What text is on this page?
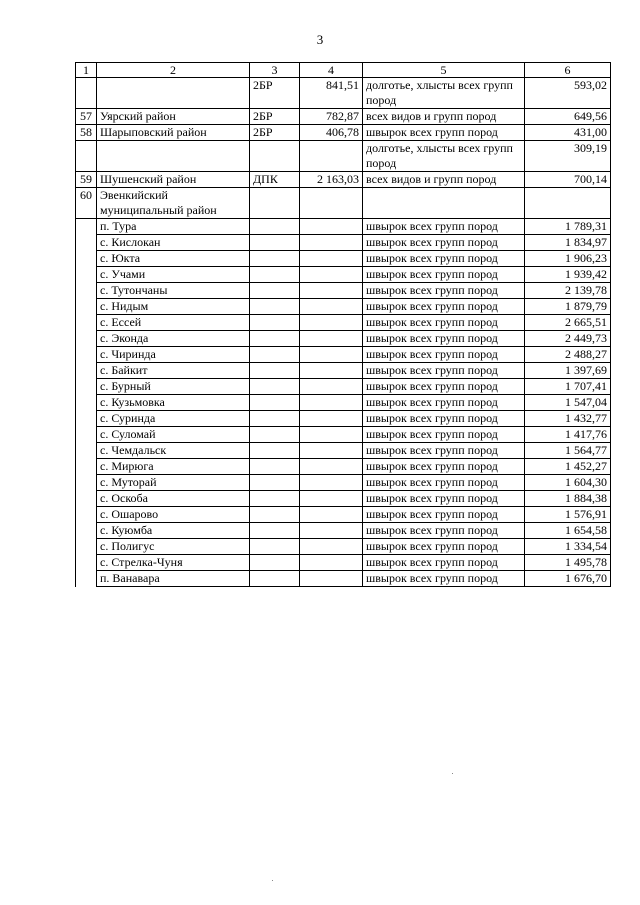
3
1	2	3	4	5	6
		2БР	841,51	долготье, хлысты всех групп пород	593,02
57	Уярский район	2БР	782,87	всех видов и групп пород	649,56
58	Шарыповский район	2БР	406,78	швырок всех групп пород	431,00
				долготье, хлысты всех групп пород	309,19
59	Шушенский район	ДПК	2 163,03	всех видов и групп пород	700,14
60	Эвенкийский муниципальный район				
	п. Тура			швырок всех групп пород	1 789,31
	с. Кислокан			швырок всех групп пород	1 834,97
	с. Юкта			швырок всех групп пород	1 906,23
	с. Учами			швырок всех групп пород	1 939,42
	с. Тутончаны			швырок всех групп пород	2 139,78
	с. Нидым			швырок всех групп пород	1 879,79
	с. Ессей			швырок всех групп пород	2 665,51
	с. Эконда			швырок всех групп пород	2 449,73
	с. Чиринда			швырок всех групп пород	2 488,27
	с. Байкит			швырок всех групп пород	1 397,69
	с. Бурный			швырок всех групп пород	1 707,41
	с. Кузьмовка			швырок всех групп пород	1 547,04
	с. Суринда			швырок всех групп пород	1 432,77
	с. Суломай			швырок всех групп пород	1 417,76
	с. Чемдальск			швырок всех групп пород	1 564,77
	с. Мирюга			швырок всех групп пород	1 452,27
	с. Муторай			швырок всех групп пород	1 604,30
	с. Оскоба			швырок всех групп пород	1 884,38
	с. Ошарово			швырок всех групп пород	1 576,91
	с. Куюмба			швырок всех групп пород	1 654,58
	с. Полигус			швырок всех групп пород	1 334,54
	с. Стрелка-Чуня			швырок всех групп пород	1 495,78
	п. Ванавара			швырок всех групп пород	1 676,70
